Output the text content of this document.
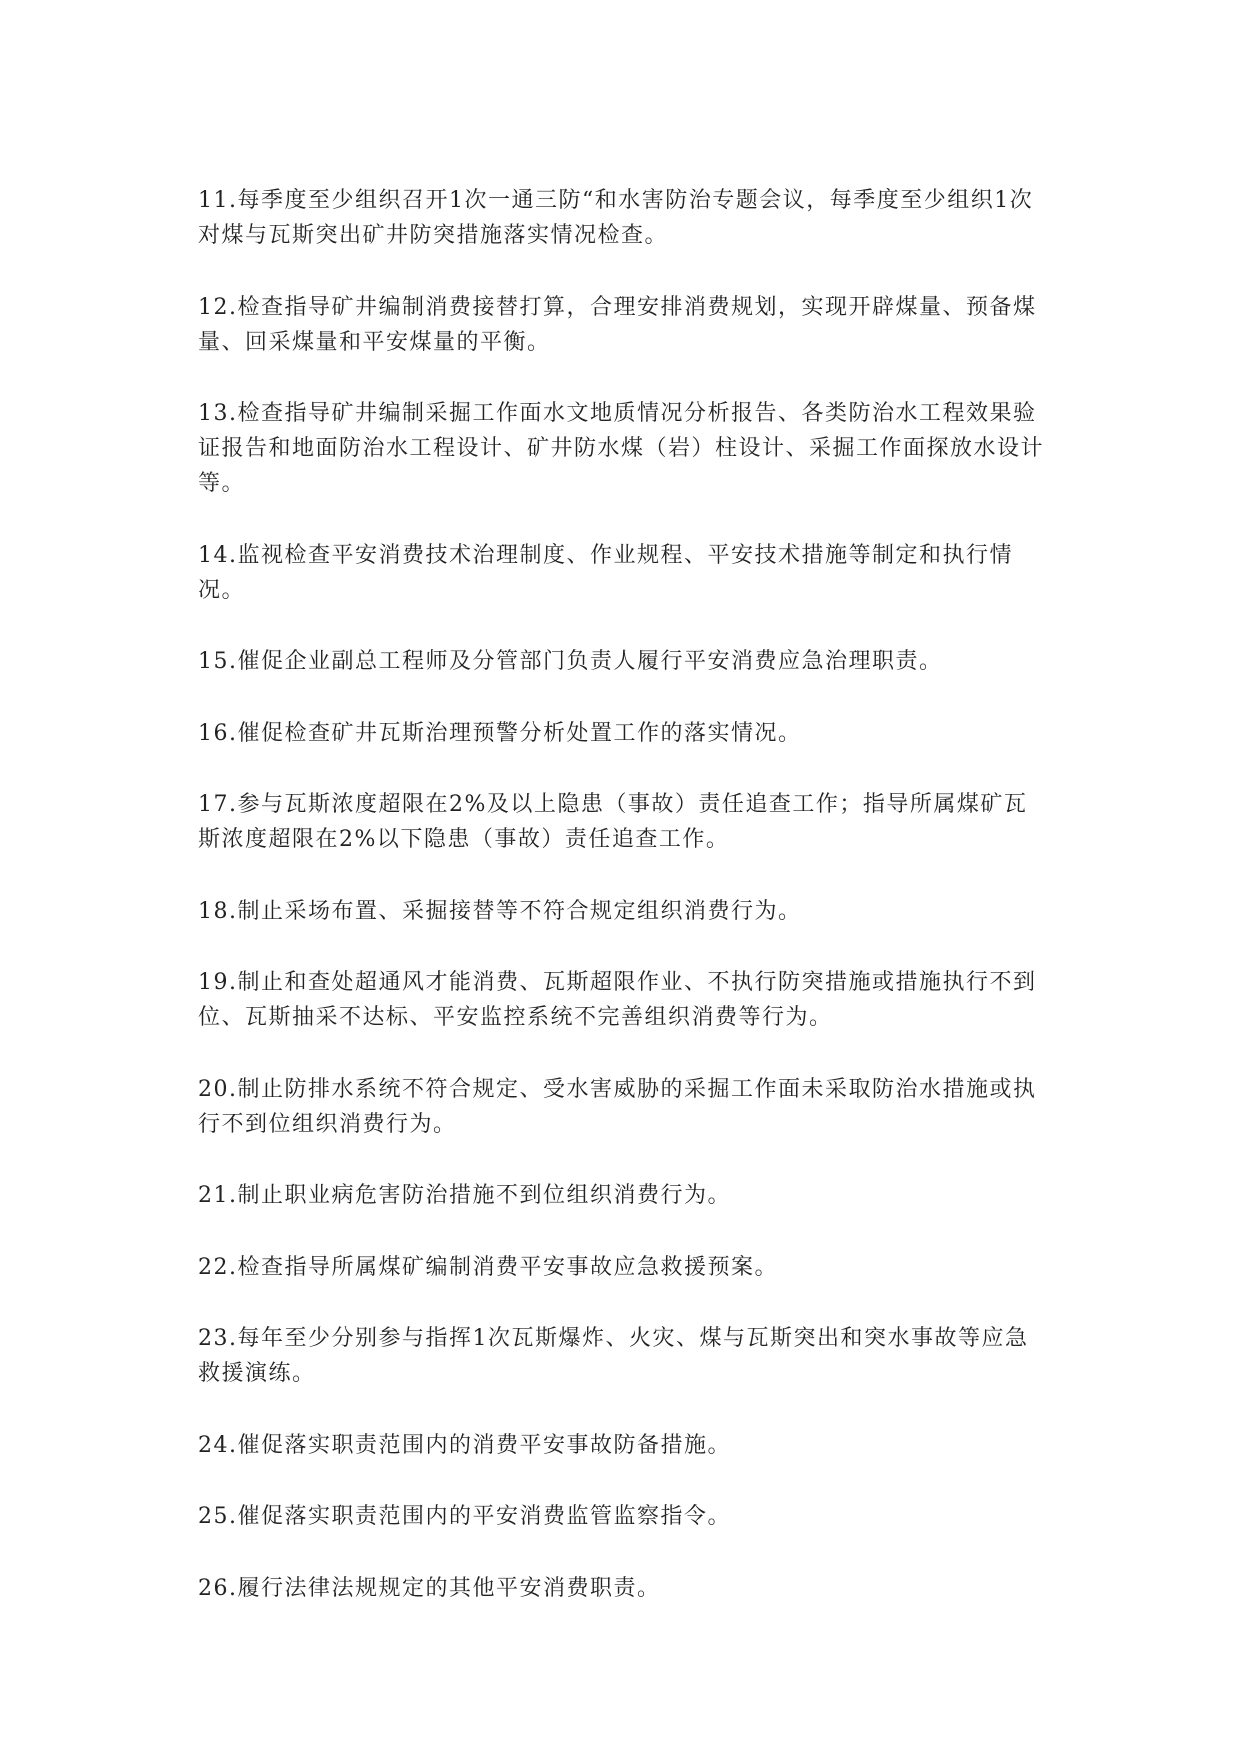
11.每季度至少组织召开1次一通三防“和水害防治专题会议，每季度至少组织1次对煤与瓦斯突出矿井防突措施落实情况检查。

12.检查指导矿井编制消费接替打算，合理安排消费规划，实现开辟煤量、预备煤量、回采煤量和平安煤量的平衡。

13.检查指导矿井编制采掘工作面水文地质情况分析报告、各类防治水工程效果验证报告和地面防治水工程设计、矿井防水煤（岩）柱设计、采掘工作面探放水设计等。

14.监视检查平安消费技术治理制度、作业规程、平安技术措施等制定和执行情况。

15.催促企业副总工程师及分管部门负责人履行平安消费应急治理职责。

16.催促检查矿井瓦斯治理预警分析处置工作的落实情况。

17.参与瓦斯浓度超限在2%及以上隐患（事故）责任追查工作；指导所属煤矿瓦斯浓度超限在2%以下隐患（事故）责任追查工作。

18.制止采场布置、采掘接替等不符合规定组织消费行为。

19.制止和查处超通风才能消费、瓦斯超限作业、不执行防突措施或措施执行不到位、瓦斯抽采不达标、平安监控系统不完善组织消费等行为。

20.制止防排水系统不符合规定、受水害威胁的采掘工作面未采取防治水措施或执行不到位组织消费行为。

21.制止职业病危害防治措施不到位组织消费行为。

22.检查指导所属煤矿编制消费平安事故应急救援预案。

23.每年至少分别参与指挥1次瓦斯爆炸、火灾、煤与瓦斯突出和突水事故等应急救援演练。

24.催促落实职责范围内的消费平安事故防备措施。

25.催促落实职责范围内的平安消费监管监察指令。

26.履行法律法规规定的其他平安消费职责。
